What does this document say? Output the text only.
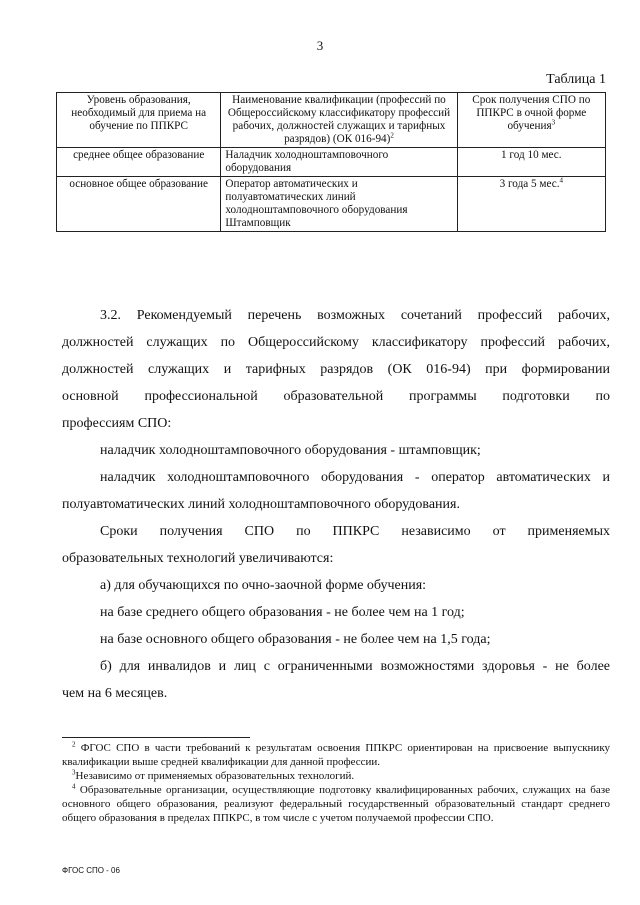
3
Таблица 1
Уровень образования, необходимый для приема на обучение по ППКРС	Наименование квалификации (профессий по Общероссийскому классификатору профессий рабочих, должностей служащих и тарифных разрядов) (ОК 016-94)$^2$	Срок получения СПО по ППКРС в очной форме обучения$^3$
среднее общее образование	Наладчик холодноштамповочного оборудования	1 год 10 мес.
основное общее образование	Оператор автоматических и полуавтоматических линий холодноштамповочного оборудования Штамповщик	3 года 5 мес.$^4$

3.2. Рекомендуемый перечень возможных сочетаний профессий рабочих,

должностей служащих по Общероссийскому классификатору профессий рабочих,

должностей служащих и тарифных разрядов (ОК 016-94) при формировании

основной профессиональной образовательной программы подготовки по

профессиям СПО:

наладчик холодноштамповочного оборудования - штамповщик;

наладчик холодноштамповочного оборудования - оператор автоматических и

полуавтоматических линий холодноштамповочного оборудования.

Сроки получения СПО по ППКРС независимо от применяемых

образовательных технологий увеличиваются:

а) для обучающихся по очно-заочной форме обучения:

на базе среднего общего образования - не более чем на 1 год;

на базе основного общего образования - не более чем на 1,5 года;

б) для инвалидов и лиц с ограниченными возможностями здоровья - не более

чем на 6 месяцев.

$^2$ ФГОС СПО в части требований к результатам освоения ППКРС ориентирован на присвоение выпускнику квалификации выше средней квалификации для данной профессии.

$^3$Независимо от применяемых образовательных технологий.

$^4$ Образовательные организации, осуществляющие подготовку квалифицированных рабочих, служащих на базе основного общего образования, реализуют федеральный государственный образовательный стандарт среднего общего образования в пределах ППКРС, в том числе с учетом получаемой профессии СПО.

ФГОС СПО - 06
